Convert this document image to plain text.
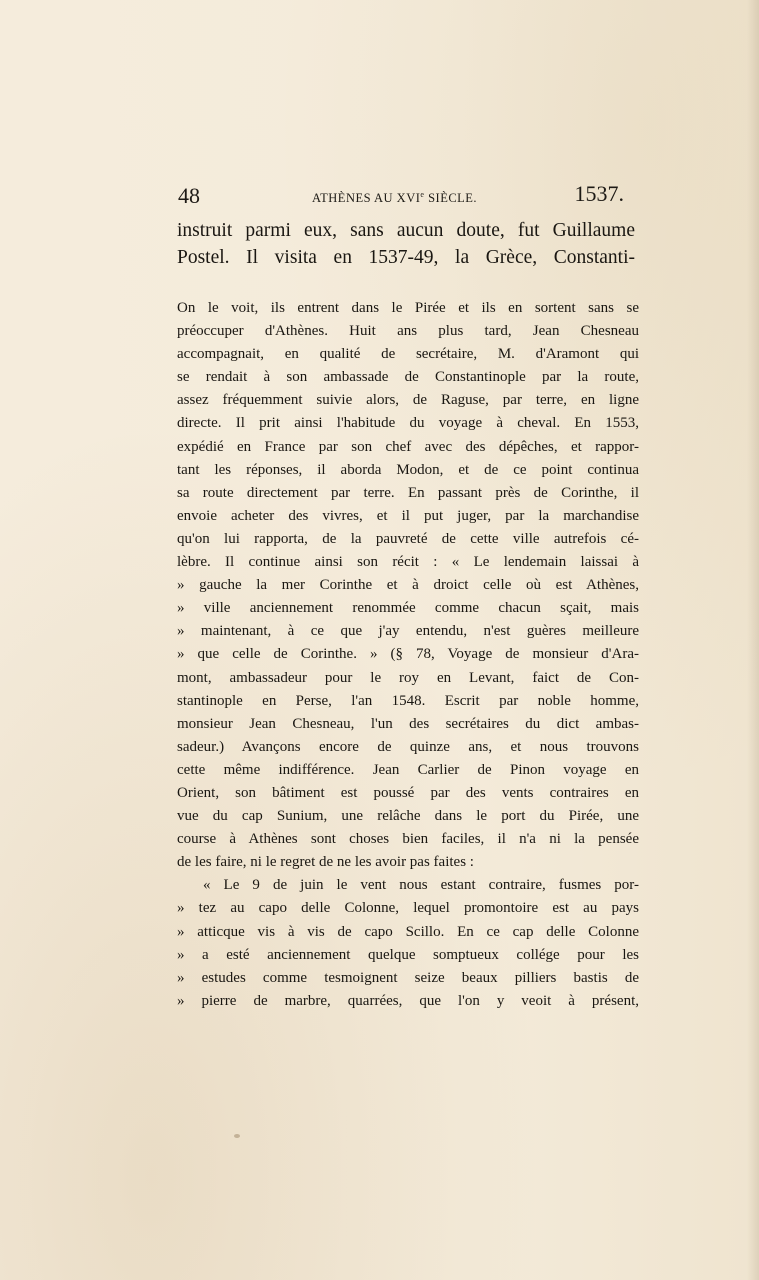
48	ATHÈNES AU XVIe SIÈCLE.	1537.
instruit parmi eux, sans aucun doute, fut Guillaume
Postel. Il visita en 1537-49, la Grèce, Constanti-
On le voit, ils entrent dans le Pirée et ils en sortent sans se
préoccuper d'Athènes. Huit ans plus tard, Jean Chesneau
accompagnait, en qualité de secrétaire, M. d'Aramont qui
se rendait à son ambassade de Constantinople par la route,
assez fréquemment suivie alors, de Raguse, par terre, en ligne
directe. Il prit ainsi l'habitude du voyage à cheval. En 1553,
expédié en France par son chef avec des dépêches, et rappor-
tant les réponses, il aborda Modon, et de ce point continua
sa route directement par terre. En passant près de Corinthe, il
envoie acheter des vivres, et il put juger, par la marchandise
qu'on lui rapporta, de la pauvreté de cette ville autrefois cé-
lèbre. Il continue ainsi son récit : « Le lendemain laissai à
» gauche la mer Corinthe et à droict celle où est Athènes,
» ville anciennement renommée comme chacun sçait, mais
» maintenant, à ce que j'ay entendu, n'est guères meilleure
» que celle de Corinthe. » (§ 78, Voyage de monsieur d'Ara-
mont, ambassadeur pour le roy en Levant, faict de Con-
stantinople en Perse, l'an 1548. Escrit par noble homme,
monsieur Jean Chesneau, l'un des secrétaires du dict ambas-
sadeur.) Avançons encore de quinze ans, et nous trouvons
cette même indifférence. Jean Carlier de Pinon voyage en
Orient, son bâtiment est poussé par des vents contraires en
vue du cap Sunium, une relâche dans le port du Pirée, une
course à Athènes sont choses bien faciles, il n'a ni la pensée
de les faire, ni le regret de ne les avoir pas faites :
« Le 9 de juin le vent nous estant contraire, fusmes por-
» tez au capo delle Colonne, lequel promontoire est au pays
» atticque vis à vis de capo Scillo. En ce cap delle Colonne
» a esté anciennement quelque somptueux collége pour les
» estudes comme tesmoignent seize beaux pilliers bastis de
» pierre de marbre, quarrées, que l'on y veoit à présent,
